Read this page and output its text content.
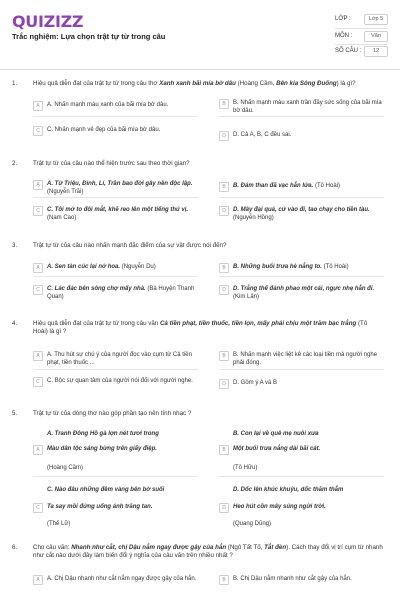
QUIZIZZ
Trắc nghiệm: Lựa chọn trật tự từ trong câu
LỚP :	Lớp 5
MÔN :	Văn
SỐ CÂU :	12
1.	Hiệu quả diễn đạt của trật tự từ trong câu thơ Xanh xanh bãi mía bờ dâu (Hoàng Cầm, Bên kia Sông Đuống) là gì?
A	A. Nhấn mạnh màu xanh của bãi mía bờ dâu.	B	B. Nhấn mạnh màu xanh trần đầy sức sống của bãi mía bờ dâu.
C	C. Nhấn mạnh vẻ đẹp của bãi mía bờ dâu.
D	D. Cả A, B, C đều sai.
2.	Trật tự từ của câu nào thể hiện trước sau theo thời gian?
A	A. Từ Triệu, Đinh, Lí, Trần bao đời gây nền độc lập.
(Nguyễn Trãi)
B	B. Đám than đã vạc hẳn lửa. (Tô Hoài)
C	C. Tôi mở to đôi mắt, khẽ reo lên một tiếng thú vị.
(Nam Cao)
D	D. Mây đại quá, cứ vào đi, tao chạy cho tiền tàu.
(Nguyễn Hồng)
3.	Trật tự từ của câu nào nhấn mạnh đặc điểm của sự vật được nói đến?
A	A. Sen tàn cúc lại nở hoa. (Nguyễn Du)	B	B. Những buổi trưa hè nắng to. (Tô Hoài)
C	C. Lác đác bên sông chợ mấy nhà. (Bà Huyện Thanh Quan)
D	D. Trắng thế đánh phao một cái, ngực nhẹ hẳn đi.
(Kim Lân)
4.	Hiệu quả diễn đạt của trật tự từ trong câu văn Cả tiền phạt, tiền thuốc, tiền lọn, mấy phải chịu một trăm bạc trắng (Tô Hoài) là gì ?
A	A. Thu hút sự chú ý của người đọc vào cụm từ Cả tiền phạt, tiền thuốc ...
B	B. Nhấn mạnh việc liệt kê các loại tiền mà người nghe phải đóng.
C	C. Bộc sự quan tâm của người nói đối với người nghe.	D	D. Gồm ý A và B
5.	Trật tự từ của dòng thơ nào góp phần tạo nên tính nhạc ?
A. Tranh Đông Hồ gà lợn nét tươi trong
A	Màu dân tộc sáng bừng trên giấy điệp.
(Hoàng Cầm)
B. Con lại về quê mẹ nuôi xưa
B	Một buổi trưa nắng dài bãi cát.
(Tô Hữu)
C. Nào đâu những đêm vàng bên bờ suối
C	Ta say mồi đứng uống ánh trăng tan.
(Thế Lữ)
D. Dốc lên khúc khuỷu, dốc thăm thẳm
D	Heo hút cồn mây súng ngửi trời.
(Quang Dũng)
6.	Cho câu văn: Nhanh như cắt, chị Dậu nắm ngay được gậy của hắn (Ngô Tất Tố, Tắt đèn). Cách thay đổi vị trí cụm từ nhanh như cắt nào dưới đây làm biến đổi ý nghĩa của câu văn trên nhiều nhất ?
A	A. Chị Dậu nhanh như cắt nắm ngay được gậy của hắn.	B	B. Chị Dậu nắm nhanh như cắt gậy của hắn.
